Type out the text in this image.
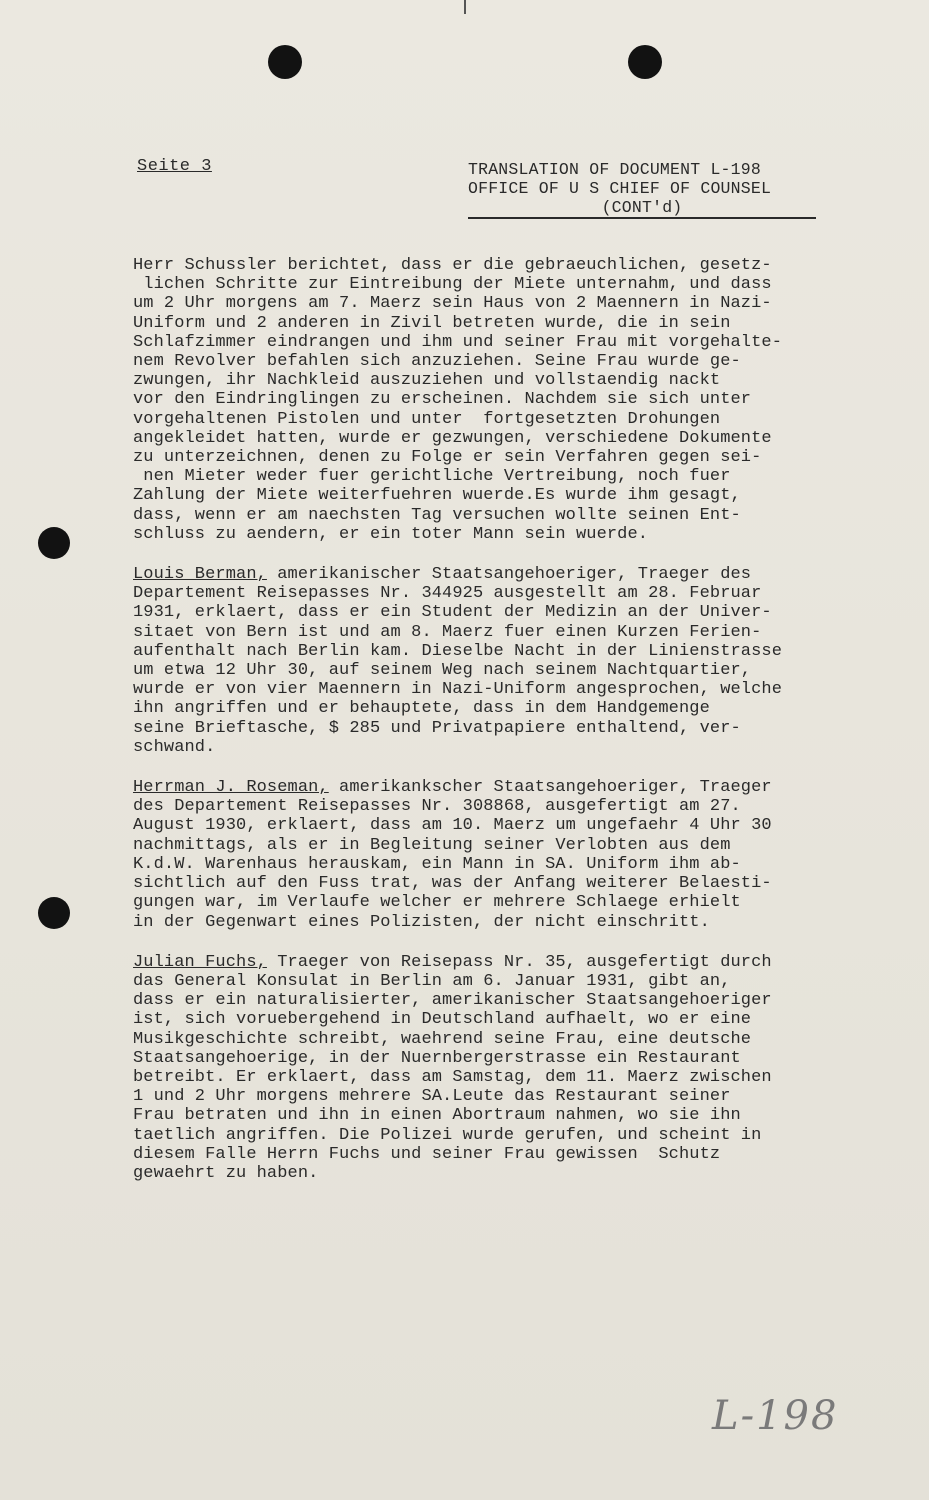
Seite 3	TRANSLATION OF DOCUMENT L-198
OFFICE OF U S CHIEF OF COUNSEL
(CONT'd)
Herr Schussler berichtet, dass er die gebraeuchlichen, gesetz-
lichen Schritte zur Eintreibung der Miete unternahm, und dass
um 2 Uhr morgens am 7. Maerz sein Haus von 2 Maennern in Nazi-
Uniform und 2 anderen in Zivil betreten wurde, die in sein
Schlafzimmer eindrangen und ihm und seiner Frau mit vorgehalte-
nem Revolver befahlen sich anzuziehen. Seine Frau wurde ge-
zwungen, ihr Nachkleid auszuziehen und vollstaendig nackt
vor den Eindringlingen zu erscheinen. Nachdem sie sich unter
vorgehaltenen Pistolen und unter  fortgesetzten Drohungen
angekleidet hatten, wurde er gezwungen, verschiedene Dokumente
zu unterzeichnen, denen zu Folge er sein Verfahren gegen sei-
nen Mieter weder fuer gerichtliche Vertreibung, noch fuer
Zahlung der Miete weiterfuehren wuerde.Es wurde ihm gesagt,
dass, wenn er am naechsten Tag versuchen wollte seinen Ent-
schluss zu aendern, er ein toter Mann sein wuerde.
Louis Berman, amerikanischer Staatsangehoeriger, Traeger des
Departement Reisepasses Nr. 344925 ausgestellt am 28. Februar
1931, erklaert, dass er ein Student der Medizin an der Univer-
sitaet von Bern ist und am 8. Maerz fuer einen Kurzen Ferien-
aufenthalt nach Berlin kam. Dieselbe Nacht in der Linienstrasse
um etwa 12 Uhr 30, auf seinem Weg nach seinem Nachtquartier,
wurde er von vier Maennern in Nazi-Uniform angesprochen, welche
ihn angriffen und er behauptete, dass in dem Handgemenge
seine Brieftasche, $ 285 und Privatpapiere enthaltend, ver-
schwand.
Herrman J. Roseman, amerikankscher Staatsangehoeriger, Traeger
des Departement Reisepasses Nr. 308868, ausgefertigt am 27.
August 1930, erklaert, dass am 10. Maerz um ungefaehr 4 Uhr 30
nachmittags, als er in Begleitung seiner Verlobten aus dem
K.d.W. Warenhaus herauskam, ein Mann in SA. Uniform ihm ab-
sichtlich auf den Fuss trat, was der Anfang weiterer Belaesti-
gungen war, im Verlaufe welcher er mehrere Schlaege erhielt
in der Gegenwart eines Polizisten, der nicht einschritt.
Julian Fuchs, Traeger von Reisepass Nr. 35, ausgefertigt durch
das General Konsulat in Berlin am 6. Januar 1931, gibt an,
dass er ein naturalisierter, amerikanischer Staatsangehoeriger
ist, sich voruebergehend in Deutschland aufhaelt, wo er eine
Musikgeschichte schreibt, waehrend seine Frau, eine deutsche
Staatsangehoerige, in der Nuernbergerstrasse ein Restaurant
betreibt. Er erklaert, dass am Samstag, dem 11. Maerz zwischen
1 und 2 Uhr morgens mehrere SA.Leute das Restaurant seiner
Frau betraten und ihn in einen Abortraum nahmen, wo sie ihn
taetlich angriffen. Die Polizei wurde gerufen, und scheint in
diesem Falle Herrn Fuchs und seiner Frau gewissen  Schutz
gewaehrt zu haben.
L-198
